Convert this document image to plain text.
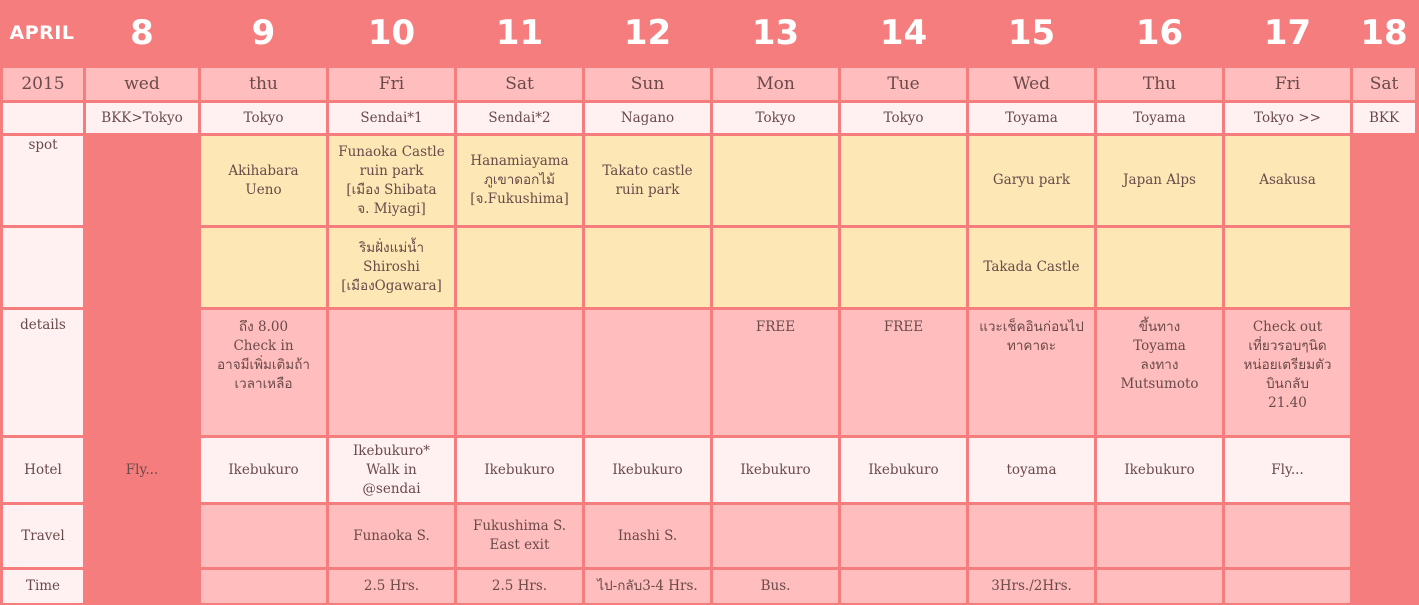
APRIL
2015
spot
details
Hotel
Travel
Time
Fly...
8
wed
BKK>Tokyo
9
thu
Tokyo
10
Fri
Sendai*1
11
Sat
Sendai*2
12
Sun
Nagano
13
Mon
Tokyo
14
Tue
Tokyo
15
Wed
Toyama
16
Thu
Toyama
17
Fri
Tokyo >>
18
Sat
BKK
Akihabara
Ueno
ถึง 8.00
Check in
อาจมีเพิ่มเติมถ้า
เวลาเหลือ
Ikebukuro
Funaoka Castle
ruin park
[เมือง Shibata
จ. Miyagi]
ริมฝั่งแม่น้ำ
Shiroshi
[เมืองOgawara]
Ikebukuro*
Walk in
@sendai
Funaoka S.
2.5 Hrs.
Hanamiayama
ภูเขาดอกไม้
[จ.Fukushima]
Ikebukuro
Fukushima S.
East exit
2.5 Hrs.
Takato castle
ruin park
Ikebukuro
Inashi S.
ไป-กลับ3-4 Hrs.
FREE
Ikebukuro
Bus.
FREE
Ikebukuro
Garyu park
Takada Castle
แวะเช็คอินก่อนไป
ทาคาดะ
toyama
3Hrs./2Hrs.
Japan Alps
ขึ้นทาง
Toyama
ลงทาง
Mutsumoto
Ikebukuro
Asakusa
Check out
เที่ยวรอบๆนิด
หน่อยเตรียมตัว
บินกลับ
21.40
Fly...
